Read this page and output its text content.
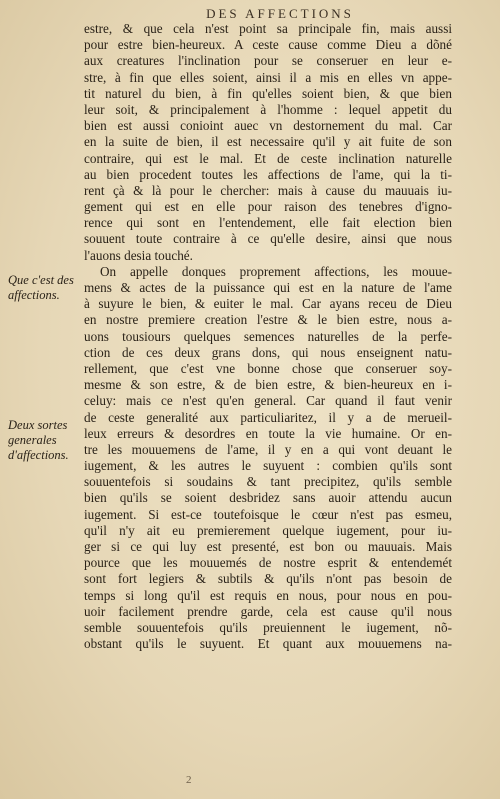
DES AFFECTIONS
estre, & que cela n'est point sa principale fin, mais aussi
pour estre bien-heureux. A ceste cause comme Dieu a dõné
aux creatures l'inclination pour se conseruer en leur e-
stre, à fin que elles soient, ainsi il a mis en elles vn appe-
tit naturel du bien, à fin qu'elles soient bien, & que bien
leur soit, & principalement à l'homme : lequel appetit du
bien est aussi conioint auec vn destornement du mal. Car
en la suite de bien, il est necessaire qu'il y ait fuite de son
contraire, qui est le mal. Et de ceste inclination naturelle
au bien procedent toutes les affections de l'ame, qui la ti-
rent çà & là pour le chercher: mais à cause du mauuais iu-
gement qui est en elle pour raison des tenebres d'igno-
rence qui sont en l'entendement, elle fait election bien
souuent toute contraire à ce qu'elle desire, ainsi que nous
l'auons desia touché.
On appelle donques proprement affections, les mouue-
mens & actes de la puissance qui est en la nature de l'ame
à suyure le bien, & euiter le mal. Car ayans receu de Dieu
en nostre premiere creation l'estre & le bien estre, nous a-
uons tousiours quelques semences naturelles de la perfe-
ction de ces deux grans dons, qui nous enseignent natu-
rellement, que c'est vne bonne chose que conseruer soy-
mesme & son estre, & de bien estre, & bien-heureux en i-
celuy: mais ce n'est qu'en general. Car quand il faut venir
de ceste generalité aux particuliaritez, il y a de merueil-
leux erreurs & desordres en toute la vie humaine. Or en-
tre les mouuemens de l'ame, il y en a qui vont deuant le
iugement, & les autres le suyuent : combien qu'ils sont
souuentefois si soudains & tant precipitez, qu'ils semble
bien qu'ils se soient desbridez sans auoir attendu aucun
iugement. Si est-ce toutefoisque le cœur n'est pas esmeu,
qu'il n'y ait eu premierement quelque iugement, pour iu-
ger si ce qui luy est presenté, est bon ou mauuais. Mais
pource que les mouuemés de nostre esprit & entendemét
sont fort legiers & subtils & qu'ils n'ont pas besoin de
temps si long qu'il est requis en nous, pour nous en pou-
uoir facilement prendre garde, cela est cause qu'il nous
semble souuentefois qu'ils preuiennent le iugement, nõ-
obstant qu'ils le suyuent. Et quant aux mouuemens na-
Que c'est des
affections.
Deux sortes
generales
d'affections.
2
